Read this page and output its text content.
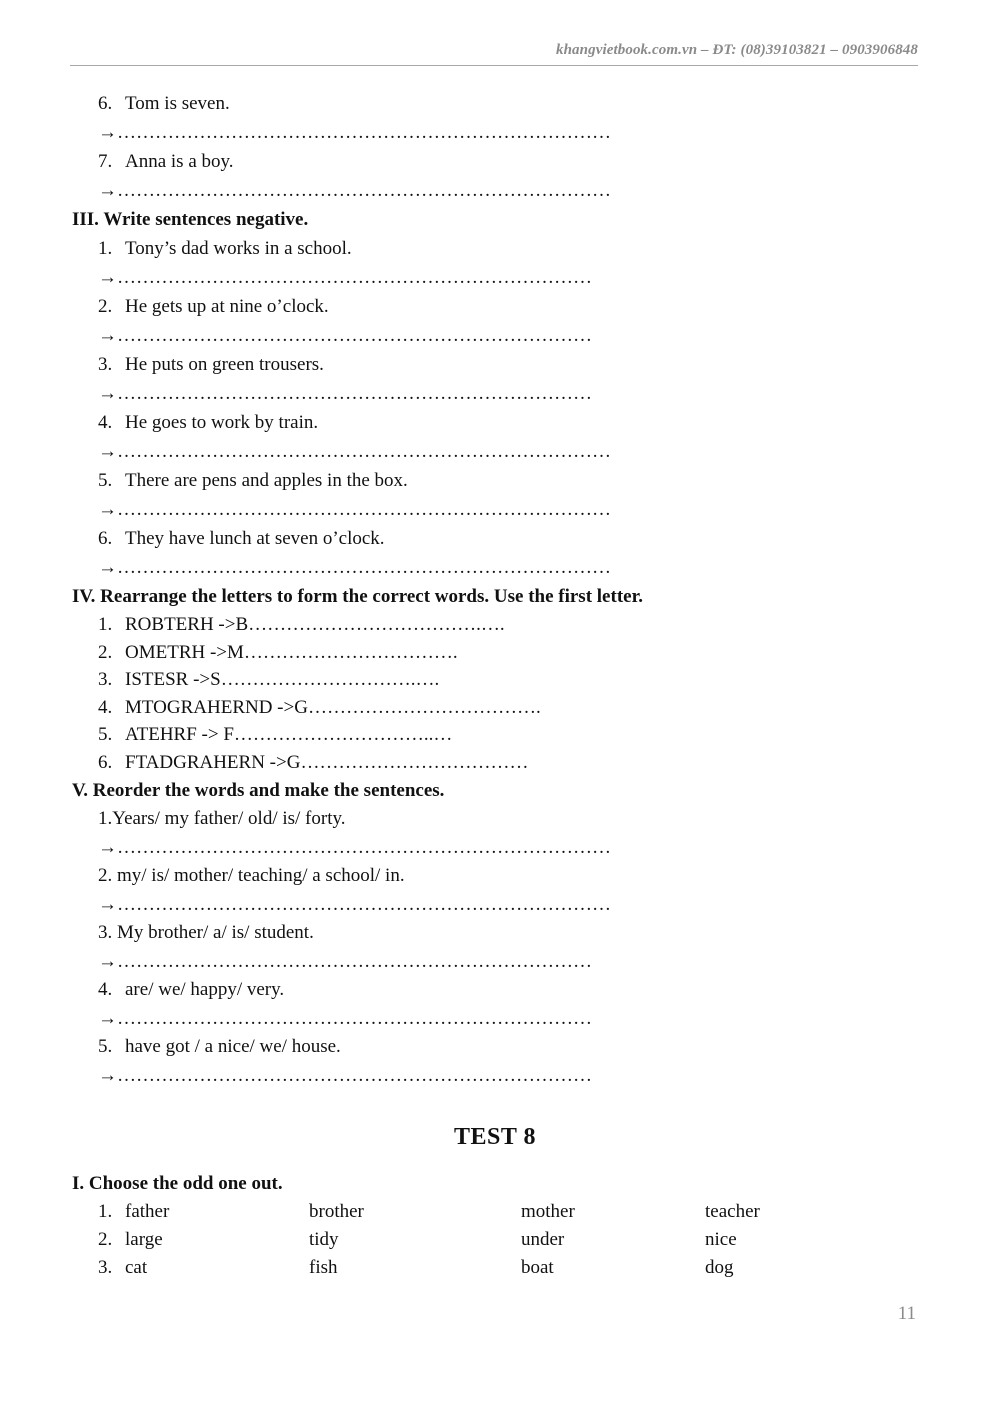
khangvietbook.com.vn – ĐT: (08)39103821 – 0903906848
6. Tom is seven.
→……………………………………………………………………
7. Anna is a boy.
→……………………………………………………………………
III. Write sentences negative.
1. Tony’s dad works in a school.
→…………………………………………………………………
2. He gets up at nine o’clock.
→…………………………………………………………………
3. He puts on green trousers.
→…………………………………………………………………
4. He goes to work by train.
→……………………………………………………………………
5. There are pens and apples in the box.
→……………………………………………………………………
6. They have lunch at seven o’clock.
→……………………………………………………………………
IV. Rearrange the letters to form the correct words. Use the first letter.
1. ROBTERH ->B……………………………….….
2. OMETRH ->M…………………………….
3. ISTESR ->S………………………….….
4. MTOGRAHERND ->G……………………………….
5. ATEHRF -> F…………………………..…
6. FTADGRAHERN ->G………………………………
V. Reorder the words and make the sentences.
1.Years/ my father/ old/ is/ forty.
→……………………………………………………………………
2. my/ is/ mother/ teaching/ a school/ in.
→……………………………………………………………………
3. My brother/ a/ is/ student.
→…………………………………………………………………
4. are/ we/ happy/ very.
→…………………………………………………………………
5. have got / a nice/ we/ house.
→…………………………………………………………………
TEST 8
I. Choose the odd one out.
1. father	brother	mother	teacher
2. large	tidy	under	nice
3. cat	fish	boat	dog
11
